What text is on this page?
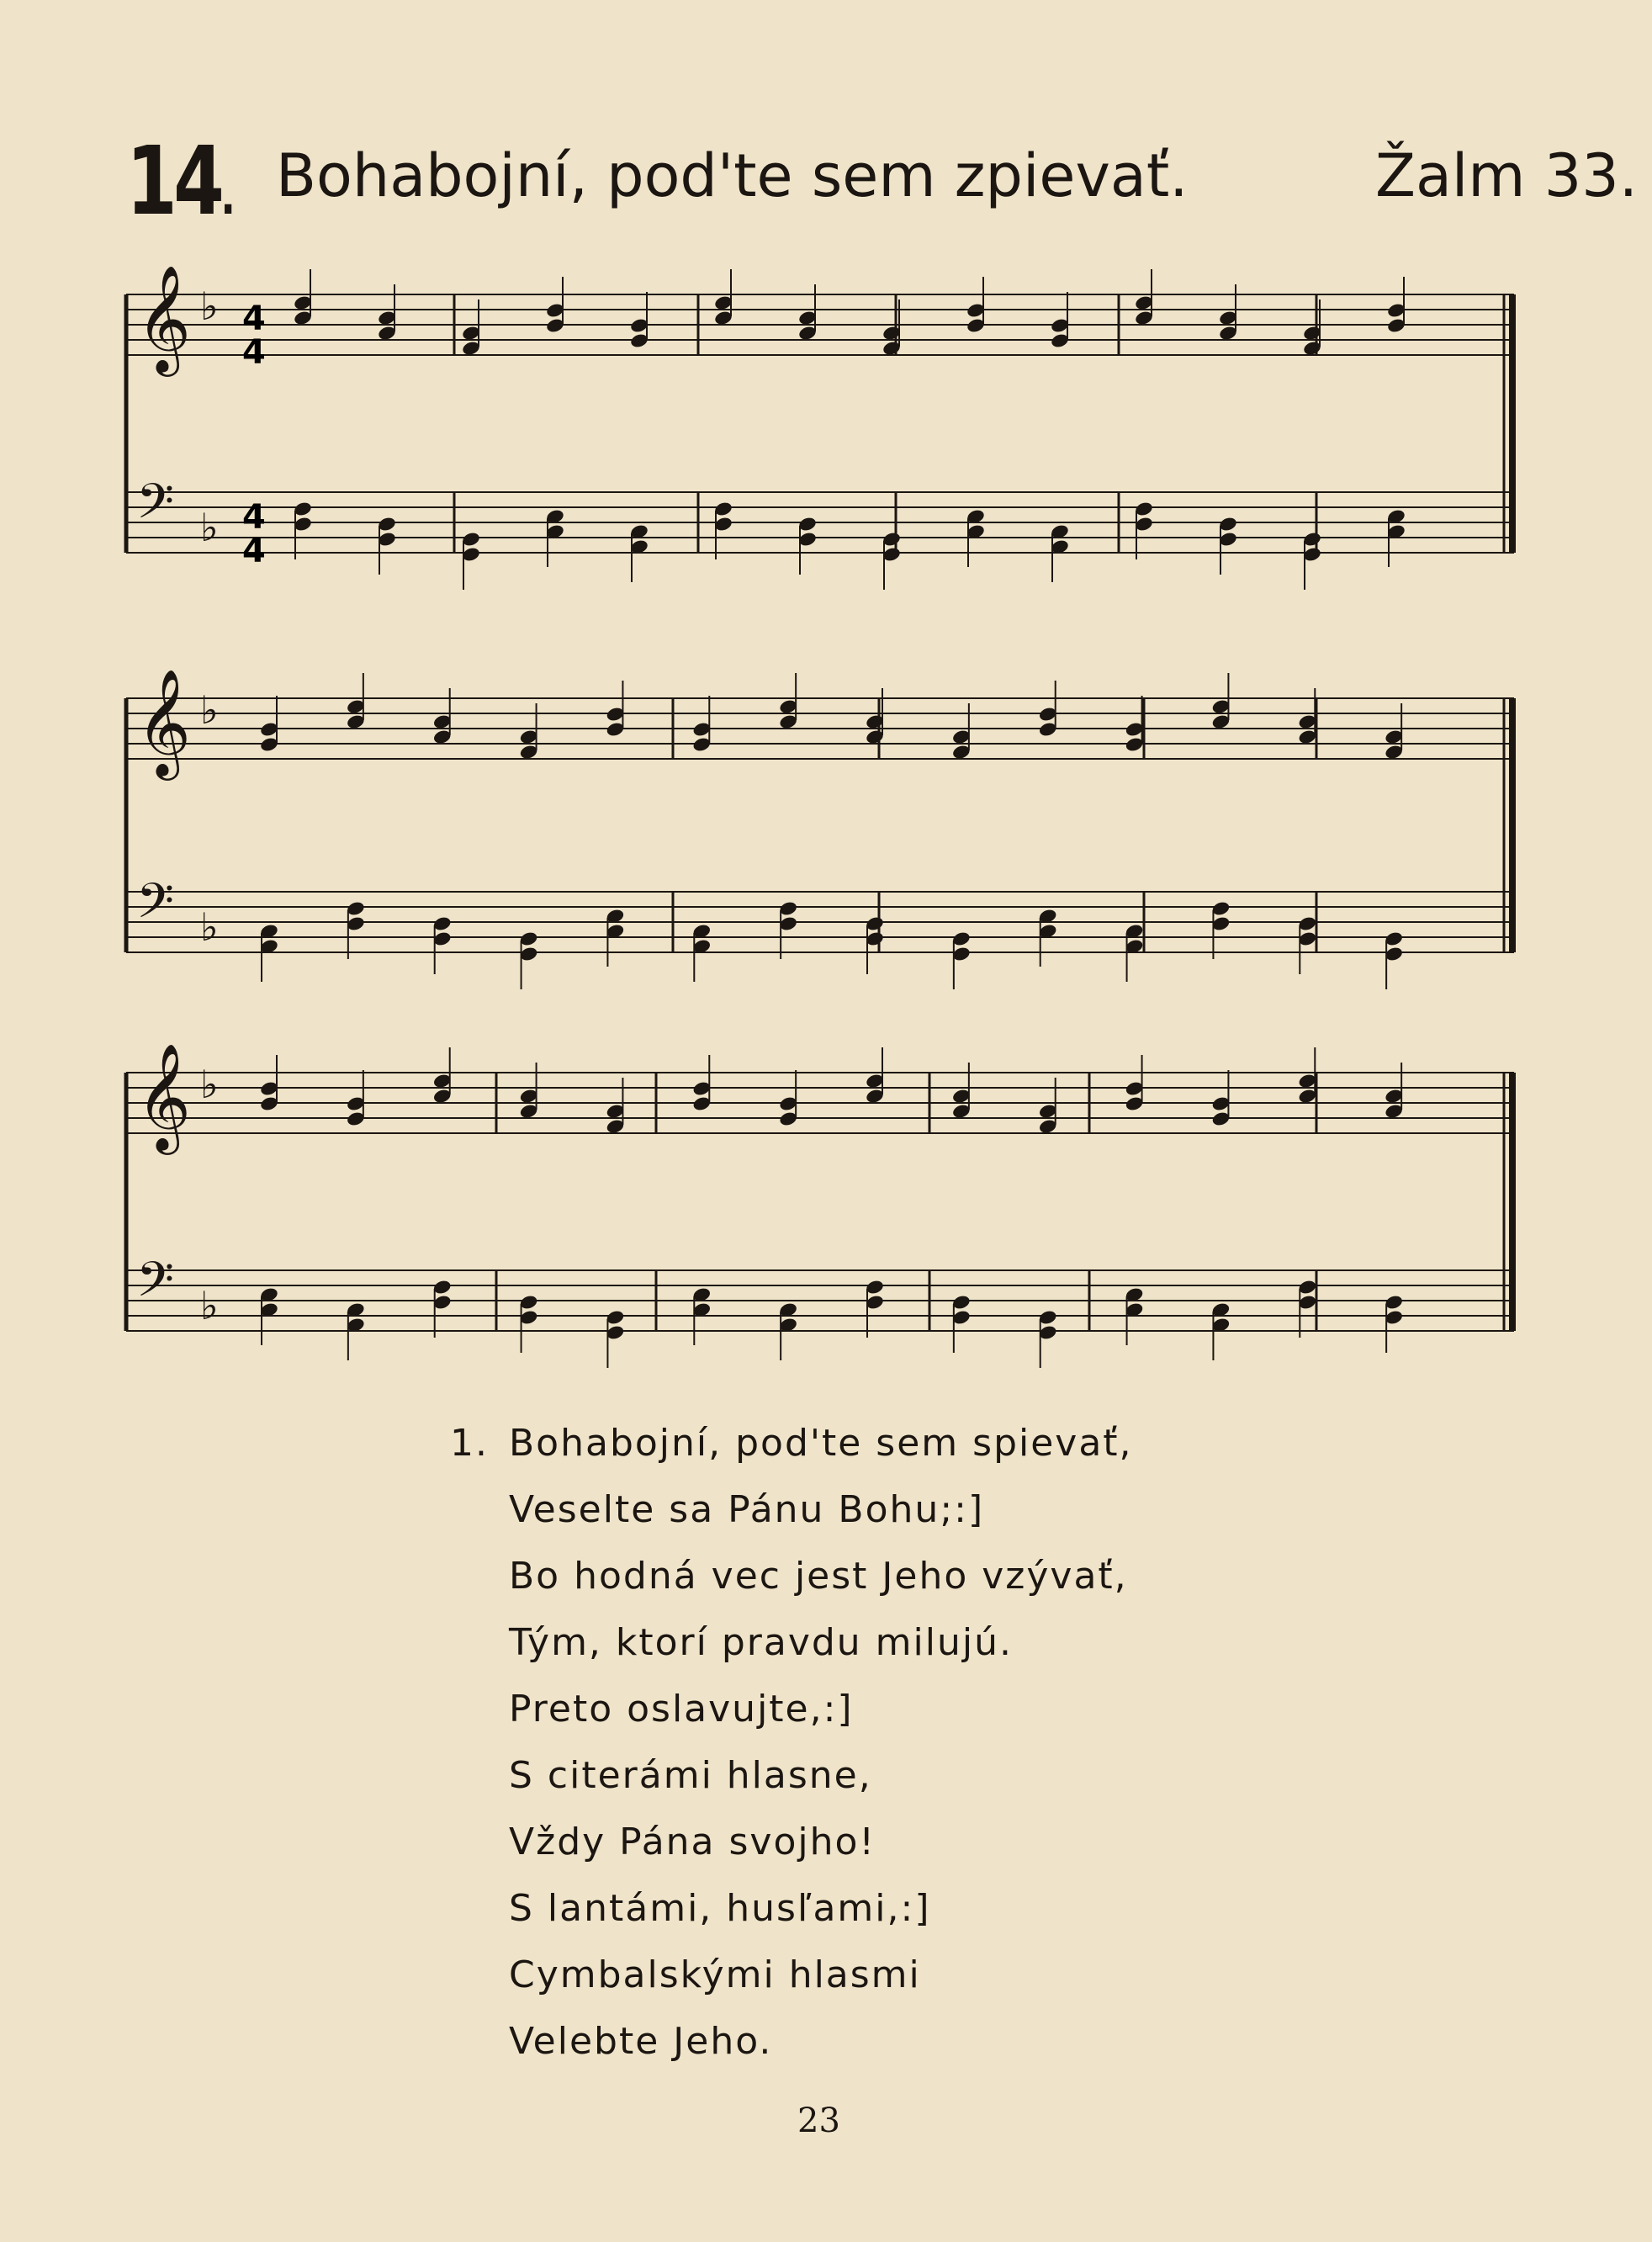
14. Bohabojní, pod'te sem zpievať.	Žalm 33.
𝄞 ♭
𝄢 ♭
𝄞 ♭
𝄢 ♭
𝄞 ♭
𝄢 ♭
4
4
4
4
1. Bohabojní, pod'te sem spievať,
Veselte sa Pánu Bohu;:]
Bo hodná vec jest Jeho vzývať,
Tým, ktorí pravdu milujú.
Preto oslavujte,:]
S citerámi hlasne,
Vždy Pána svojho!
S lantámi, husľami,:]
Cymbalskými hlasmi
Velebte Jeho.
23
